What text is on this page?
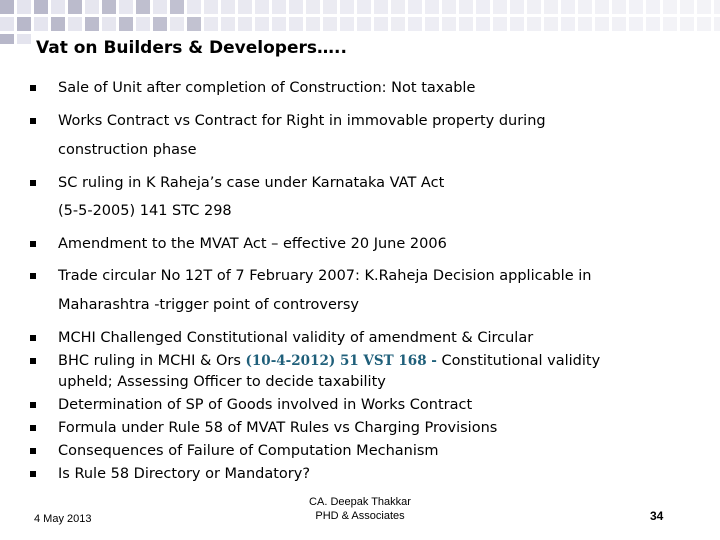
Vat on Builders & Developers…..
Sale of Unit after completion of Construction: Not taxable
Works Contract vs Contract for Right in immovable property during
construction phase
SC ruling in K Raheja’s case under Karnataka VAT Act
(5-5-2005) 141 STC 298
Amendment to the MVAT Act – effective 20 June 2006
Trade circular No 12T of 7 February 2007: K.Raheja Decision applicable in
Maharashtra -trigger point of controversy
MCHI Challenged Constitutional validity of amendment & Circular
BHC ruling in MCHI & Ors (10-4-2012) 51 VST 168 - Constitutional validity
upheld; Assessing Officer to decide taxability
Determination of SP of Goods involved in Works Contract
Formula under Rule 58 of MVAT Rules vs Charging Provisions
Consequences of Failure of Computation Mechanism
Is Rule 58 Directory or Mandatory?
4 May 2013
CA. Deepak Thakkar
PHD & Associates	34
